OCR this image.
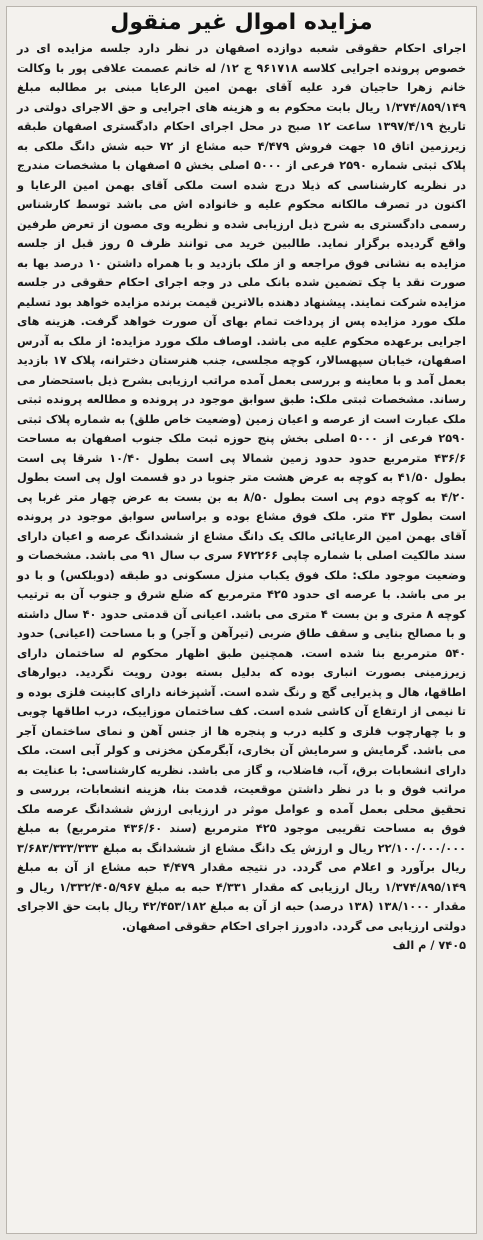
مزایده اموال غیر منقول

اجرای احکام حقوقی شعبه دوازده اصفهان در نظر دارد جلسه مزایده ای در خصوص پرونده اجرایی کلاسه ۹۶۱۷۱۸ ج ۱۲/ له خانم عصمت علافی پور با وکالت خانم زهرا حاجیان فرد علیه آقای بهمن امین الرعایا مبنی بر مطالبه مبلغ ۱/۳۷۴/۸۵۹/۱۴۹ ریال بابت محکوم به و هزینه های اجرایی و حق الاجرای دولتی در تاریخ ۱۳۹۷/۴/۱۹ ساعت ۱۲ صبح در محل اجرای احکام دادگستری اصفهان طبقه زیرزمین اتاق ۱۵ جهت فروش ۴/۴۷۹ حبه مشاع از ۷۲ حبه شش دانگ ملکی به پلاک ثبتی شماره ۲۵۹۰ فرعی از ۵۰۰۰ اصلی بخش ۵ اصفهان با مشخصات مندرج در نظریه کارشناسی که ذیلا درج شده است ملکی آقای بهمن امین الرعایا و اکنون در تصرف مالکانه محکوم علیه و خانواده اش می باشد توسط کارشناس رسمی دادگستری به شرح ذیل ارزیابی شده و نظریه وی مصون از تعرض طرفین واقع گردیده برگزار نماید. طالبین خرید می توانند ظرف ۵ روز قبل از جلسه مزایده به نشانی فوق مراجعه و از ملک بازدید و با همراه داشتن ۱۰ درصد بها به صورت نقد یا چک تضمین شده بانک ملی در وجه اجرای احکام حقوقی در جلسه مزایده شرکت نمایند. پیشنهاد دهنده بالاترین قیمت برنده مزایده خواهد بود تسلیم ملک مورد مزایده پس از پرداخت تمام بهای آن صورت خواهد گرفت. هزینه های اجرایی برعهده محکوم علیه می باشد. اوصاف ملک مورد مزایده: از ملک به آدرس اصفهان، خیابان سپهسالار، کوچه مجلسی، جنب هنرستان دخترانه، پلاک ۱۷ بازدید بعمل آمد و با معاینه و بررسی بعمل آمده مراتب ارزیابی بشرح ذیل باستحضار می رساند. مشخصات ثبتی ملک: طبق سوابق موجود در پرونده و مطالعه پرونده ثبتی ملک عبارت است از عرصه و اعیان زمین (وضعیت خاص طلق) به شماره پلاک ثبتی ۲۵۹۰ فرعی از ۵۰۰۰ اصلی بخش پنج حوزه ثبت ملک جنوب اصفهان به مساحت ۴۳۶/۶ مترمربع حدود حدود زمین شمالا پی است بطول ۱۰/۴۰ شرقا پی است بطول ۴۱/۵۰ به کوچه به عرض هشت متر جنوبا در دو قسمت اول پی است بطول ۴/۲۰ به کوچه دوم پی است بطول ۸/۵۰ به بن بست به عرض چهار متر غربا پی است بطول ۴۳ متر. ملک فوق مشاع بوده و براساس سوابق موجود در پرونده آقای بهمن امین الرعایائی مالک یک دانگ مشاع از ششدانگ عرصه و اعیان دارای سند مالکیت اصلی با شماره چاپی ۶۷۲۲۶۶ سری ب سال ۹۱ می باشد. مشخصات و وضعیت موجود ملک: ملک فوق یکباب منزل مسکونی دو طبقه (دوبلکس) و با دو بر می باشد. با عرصه ای حدود ۴۲۵ مترمربع که ضلع شرق و جنوب آن به ترتیب کوچه ۸ متری و بن بست ۴ متری می باشد. اعیانی آن قدمتی حدود ۴۰ سال داشته و با مصالح بنایی و سقف طاق ضربی (تیرآهن و آجر) و با مساحت (اعیانی) حدود ۵۴۰ مترمربع بنا شده است. همچنین طبق اظهار محکوم له ساختمان دارای زیرزمینی بصورت انباری بوده که بدلیل بسته بودن رویت نگردید. دیوارهای اطاقها، هال و پذیرایی گچ و رنگ شده است. آشپزخانه دارای کابینت فلزی بوده و تا نیمی از ارتفاع آن کاشی شده است. کف ساختمان موزاییک، درب اطاقها چوبی و با چهارچوب فلزی و کلیه درب و پنجره ها از جنس آهن و نمای ساختمان آجر می باشد. گرمایش و سرمایش آن بخاری، آبگرمکن مخزنی و کولر آبی است. ملک دارای انشعابات برق، آب، فاضلاب، و گاز می باشد. نظریه کارشناسی: با عنایت به مراتب فوق و با در نظر داشتن موقعیت، قدمت بنا، هزینه انشعابات، بررسی و تحقیق محلی بعمل آمده و عوامل موثر در ارزیابی ارزش ششدانگ عرصه ملک فوق به مساحت تقریبی موجود ۴۲۵ مترمربع (سند ۴۳۶/۶۰ مترمربع) به مبلغ ۲۲/۱۰۰/۰۰۰/۰۰۰ ریال و ارزش یک دانگ مشاع از ششدانگ به مبلغ ۳/۶۸۳/۳۳۳/۳۳۳ ریال برآورد و اعلام می گردد. در نتیجه مقدار ۴/۴۷۹ حبه مشاع از آن به مبلغ ۱/۳۷۴/۸۹۵/۱۴۹ ریال ارزیابی که مقدار ۴/۳۳۱ حبه به مبلغ ۱/۳۳۲/۴۰۵/۹۶۷ ریال و مقدار ۱۳۸/۱۰۰۰ (۱۳۸ درصد) حبه از آن به مبلغ ۴۲/۴۵۳/۱۸۲ ریال بابت حق الاجرای دولتی ارزیابی می گردد. دادورز اجرای احکام حقوقی اصفهان.

۷۴۰۵ / م الف
